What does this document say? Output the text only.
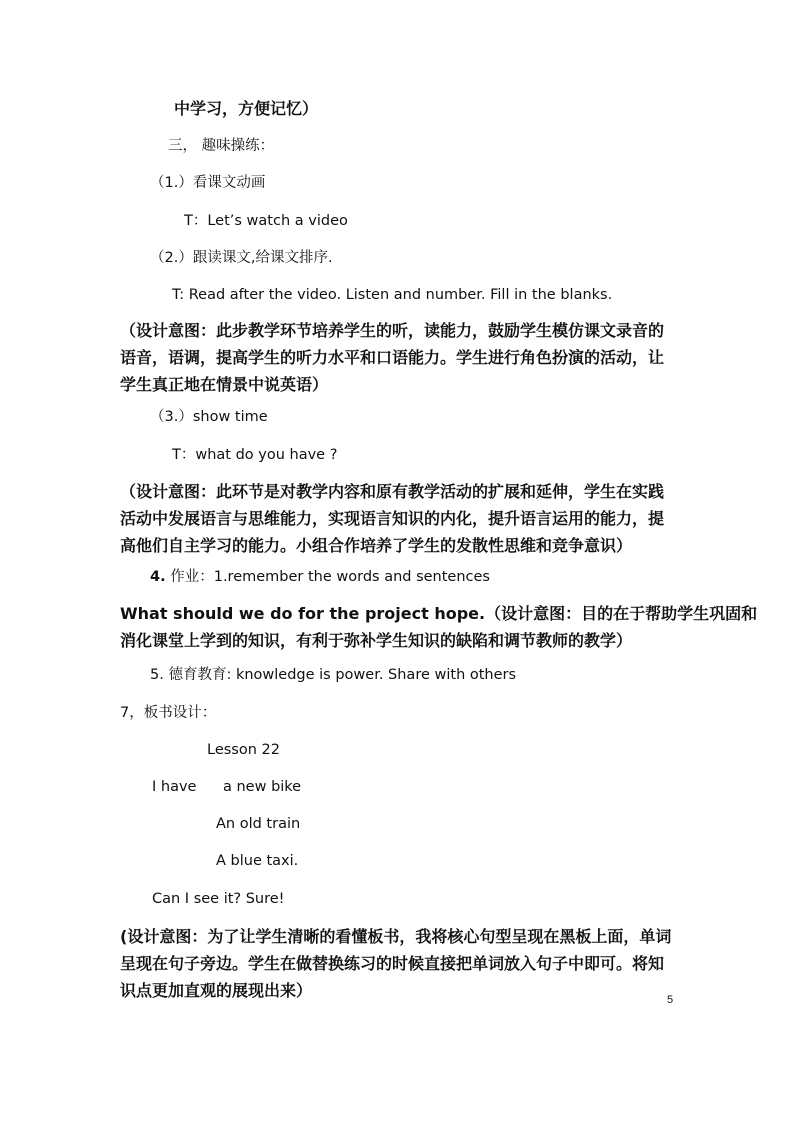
中学习，方便记忆）
三， 趣味操练：
（1.）看课文动画
T：Let’s watch a video
（2.）跟读课文,给课文排序.
T: Read after the video. Listen and number. Fill in the blanks.
（设计意图：此步教学环节培养学生的听，读能力，鼓励学生模仿课文录音的
语音，语调，提高学生的听力水平和口语能力。学生进行角色扮演的活动，让
学生真正地在情景中说英语）
（3.）show time
T：what do you have ?
（设计意图：此环节是对教学内容和原有教学活动的扩展和延伸，学生在实践
活动中发展语言与思维能力，实现语言知识的内化，提升语言运用的能力，提
高他们自主学习的能力。小组合作培养了学生的发散性思维和竞争意识）
4. 作业：1.remember the words and sentences
What should we do for the project hope.（设计意图：目的在于帮助学生巩固和
消化课堂上学到的知识，有利于弥补学生知识的缺陷和调节教师的教学）
5. 德育教育: knowledge is power. Share with others
7，板书设计：
Lesson 22
I have a new bike
An old train
A blue taxi.
Can I see it? Sure!
(设计意图：为了让学生清晰的看懂板书，我将核心句型呈现在黑板上面，单词
呈现在句子旁边。学生在做替换练习的时候直接把单词放入句子中即可。将知
识点更加直观的展现出来）	5
